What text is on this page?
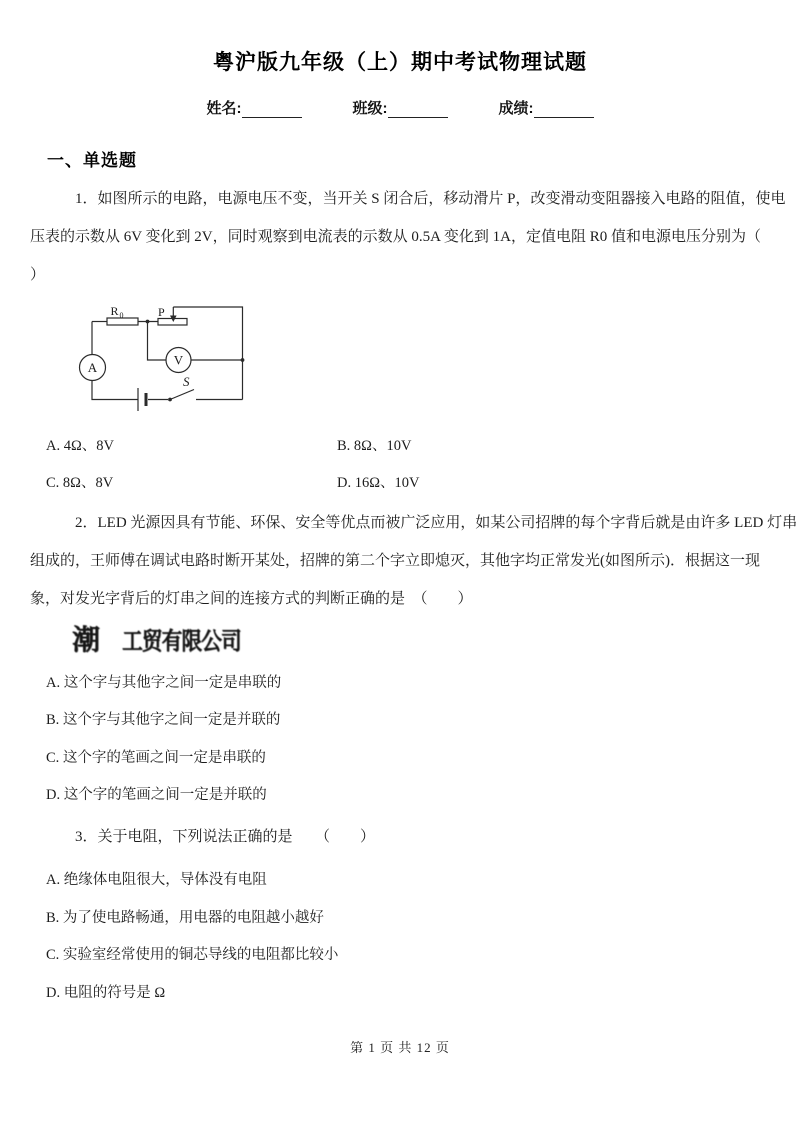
粤沪版九年级（上）期中考试物理试题
姓名:	班级:	成绩:
一、单选题
1．如图所示的电路，电源电压不变，当开关 S 闭合后，移动滑片 P，改变滑动变阻器接入电路的阻值，使电
压表的示数从 6V 变化到 2V，同时观察到电流表的示数从 0.5A 变化到 1A，定值电阻 R0 值和电源电压分别为（
）
R 0	P
V
A
S
A. 4Ω、8V	B. 8Ω、10V
C. 8Ω、8V	D. 16Ω、10V
2．LED 光源因具有节能、环保、安全等优点而被广泛应用，如某公司招牌的每个字背后就是由许多 LED 灯串
组成的，王师傅在调试电路时断开某处，招牌的第二个字立即熄灭，其他字均正常发光(如图所示)．根据这一现
象，对发光字背后的灯串之间的连接方式的判断正确的是　（　　）
潮 工贸有限公司
A. 这个字与其他字之间一定是串联的
B. 这个字与其他字之间一定是并联的
C. 这个字的笔画之间一定是串联的
D. 这个字的笔画之间一定是并联的
3．关于电阻，下列说法正确的是　　（　　）
A. 绝缘体电阻很大，导体没有电阻
B. 为了使电路畅通，用电器的电阻越小越好
C. 实验室经常使用的铜芯导线的电阻都比较小
D. 电阻的符号是 Ω
第 1 页 共 12 页
